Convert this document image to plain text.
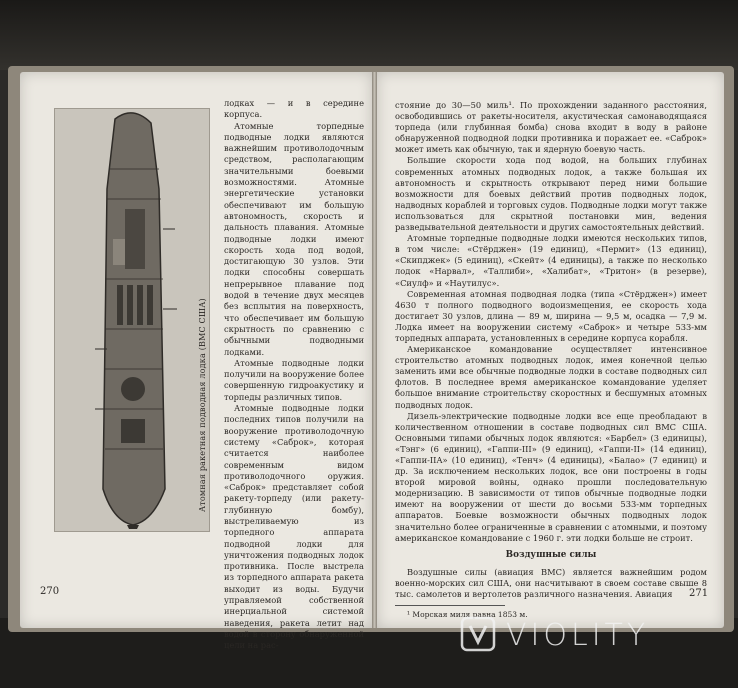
Атомная ракетная подводная лодка (ВМС США)

лодках — и в середине корпуса.

Атомные торпедные подводные лодки являются важнейшим противолодочным средством, располагающим значительными боевыми возможностями. Атомные энергетические установки обеспечивают им большую автономность, скорость и дальность плавания. Атомные подводные лодки имеют скорость хода под водой, достигающую 30 узлов. Эти лодки способны совершать непрерывное плавание под водой в течение двух месяцев без всплытия на поверхность, что обеспечивает им большую скрытность по сравнению с обычными подводными лодками.

Атомные подводные лодки получили на вооружение более совершенную гидроакустику и торпеды различных типов.

Атомные подводные лодки последних типов получили на вооружение противолодочную систему «Саброк», которая считается наиболее современным видом противолодочного оружия. «Саброк» представляет собой ракету-торпеду (или ракету-глубинную бомбу), выстреливаемую из торпедного аппарата подводной лодки для уничтожения подводных лодок противника. После выстрела из торпедного аппарата ракета выходит из воды. Будучи управляемой собственной инерциальной системой наведения, ракета летит над водой в сторону обнаруженной цели на рас-

270

стояние до 30—50 миль¹. По прохождении заданного расстояния, освободившись от ракеты-носителя, акустическая самонаводящаяся торпеда (или глубинная бомба) снова входит в воду в районе обнаруженной подводной лодки противника и поражает ее. «Саброк» может иметь как обычную, так и ядерную боевую часть.

Большие скорости хода под водой, на больших глубинах современных атомных подводных лодок, а также большая их автономность и скрытность открывают перед ними большие возможности для боевых действий против подводных лодок, надводных кораблей и торговых судов. Подводные лодки могут также использоваться для скрытной постановки мин, ведения разведывательной деятельности и других самостоятельных действий.

Атомные торпедные подводные лодки имеются нескольких типов, в том числе: «Стёрджен» (19 единиц), «Пермит» (13 единиц), «Скипджек» (5 единиц), «Скейт» (4 единицы), а также по несколько лодок «Нарвал», «Таллиби», «Халибат», «Тритон» (в резерве), «Сиулф» и «Наутилус».

Современная атомная подводная лодка (типа «Стёрджен») имеет 4630 т полного подводного водоизмещения, ее скорость хода достигает 30 узлов, длина — 89 м, ширина — 9,5 м, осадка — 7,9 м. Лодка имеет на вооружении систему «Саброк» и четыре 533-мм торпедных аппарата, установленных в середине корпуса корабля.

Американское командование осуществляет интенсивное строительство атомных подводных лодок, имея конечной целью заменить ими все обычные подводные лодки в составе подводных сил флотов. В последнее время американское командование уделяет большое внимание строительству скоростных и бесшумных атомных подводных лодок.

Дизель-электрические подводные лодки все еще преобладают в количественном отношении в составе подводных сил ВМС США. Основными типами обычных лодок являются: «Барбел» (3 единицы), «Тэнг» (6 единиц), «Гаппи-III» (9 единиц), «Гаппи-II» (14 единиц), «Гаппи-IIA» (10 единиц), «Тенч» (4 единицы), «Балао» (7 единиц) и др. За исключением нескольких лодок, все они построены в годы второй мировой войны, однако прошли последовательную модернизацию. В зависимости от типов обычные подводные лодки имеют на вооружении от шести до восьми 533-мм торпедных аппаратов. Боевые возможности обычных подводных лодок значительно более ограниченные в сравнении с атомными, и поэтому американское командование с 1960 г. эти лодки больше не строит.

Воздушные силы

Воздушные силы (авиация ВМС) является важнейшим родом военно-морских сил США, они насчитывают в своем составе свыше 8 тыс. самолетов и вертолетов различного назначения. Авиация

¹ Морская миля равна 1853 м.

271
VIOLITY
